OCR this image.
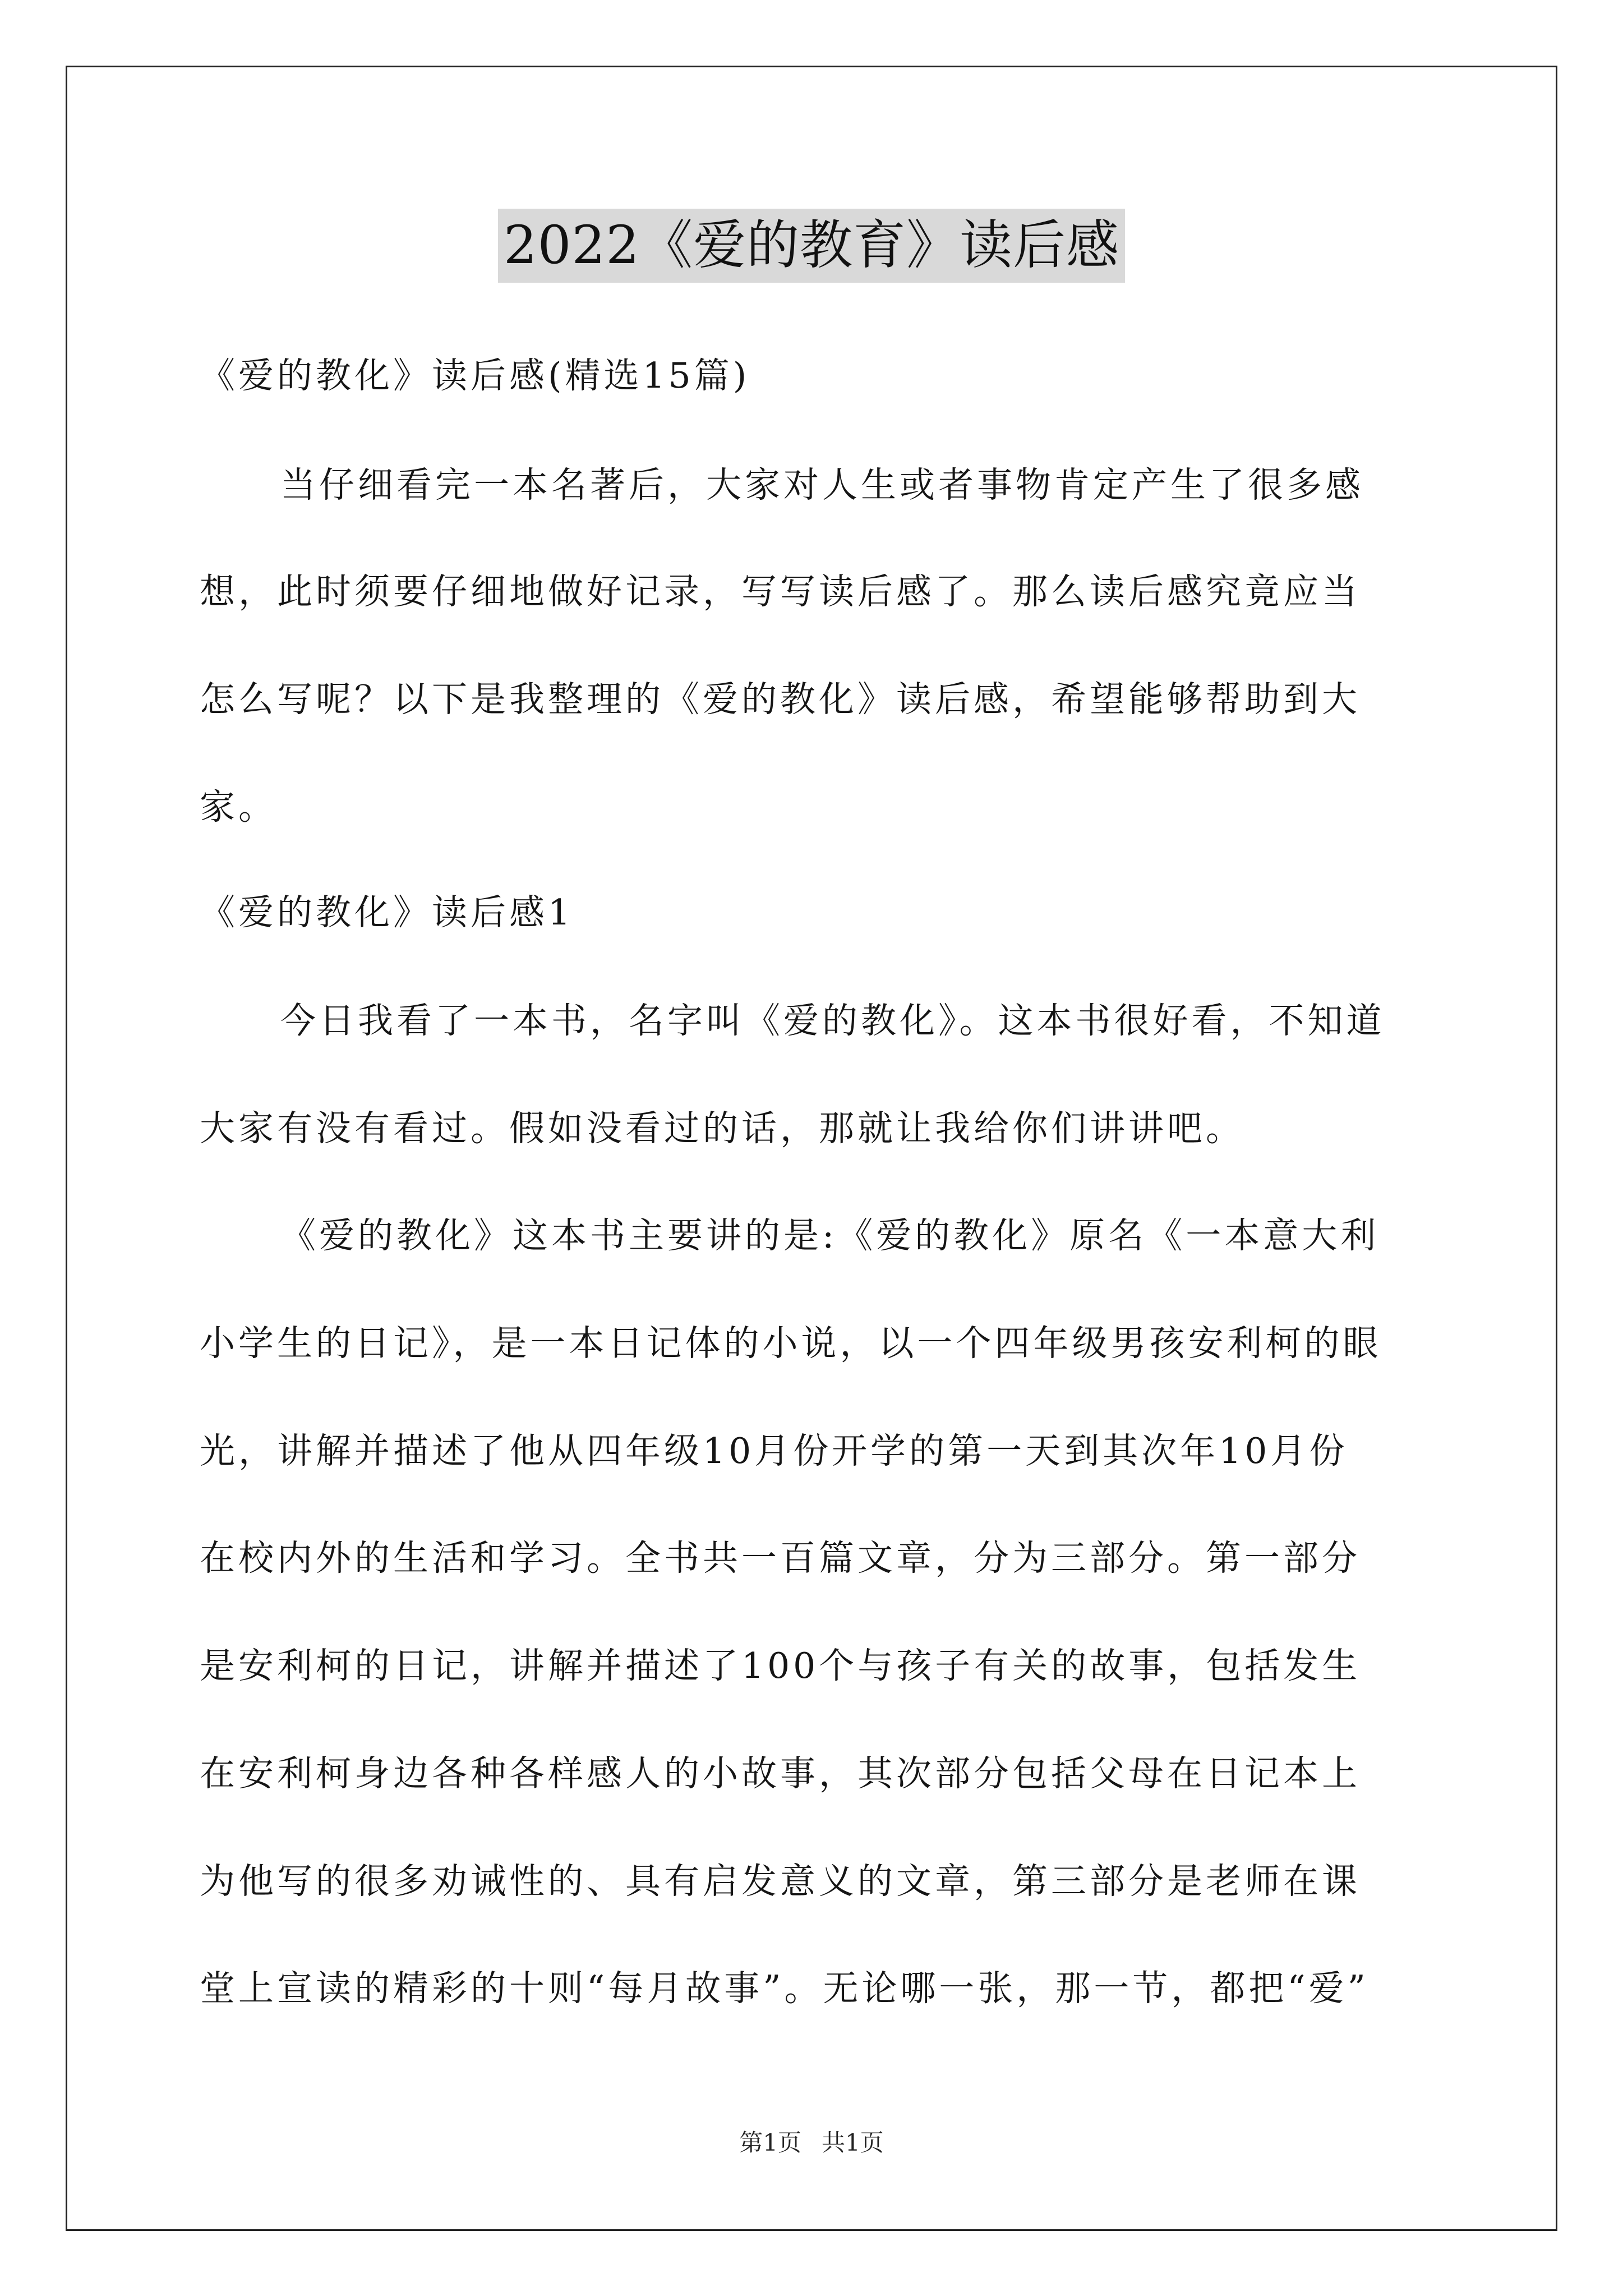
2022《爱的教育》读后感
《爱的教化》读后感(精选15篇)
当仔细看完一本名著后，大家对人生或者事物肯定产生了很多感
想，此时须要仔细地做好记录，写写读后感了。那么读后感究竟应当
怎么写呢？以下是我整理的《爱的教化》读后感，希望能够帮助到大
家。
《爱的教化》读后感1
今日我看了一本书，名字叫《爱的教化》。这本书很好看，不知道
大家有没有看过。假如没看过的话，那就让我给你们讲讲吧。
《爱的教化》这本书主要讲的是:《爱的教化》原名《一本意大利
小学生的日记》，是一本日记体的小说，以一个四年级男孩安利柯的眼
光，讲解并描述了他从四年级10月份开学的第一天到其次年10月份
在校内外的生活和学习。全书共一百篇文章，分为三部分。第一部分
是安利柯的日记，讲解并描述了100个与孩子有关的故事，包括发生
在安利柯身边各种各样感人的小故事，其次部分包括父母在日记本上
为他写的很多劝诫性的、具有启发意义的文章，第三部分是老师在课
堂上宣读的精彩的十则“每月故事”。无论哪一张，那一节，都把“爱”
第1页 共1页
